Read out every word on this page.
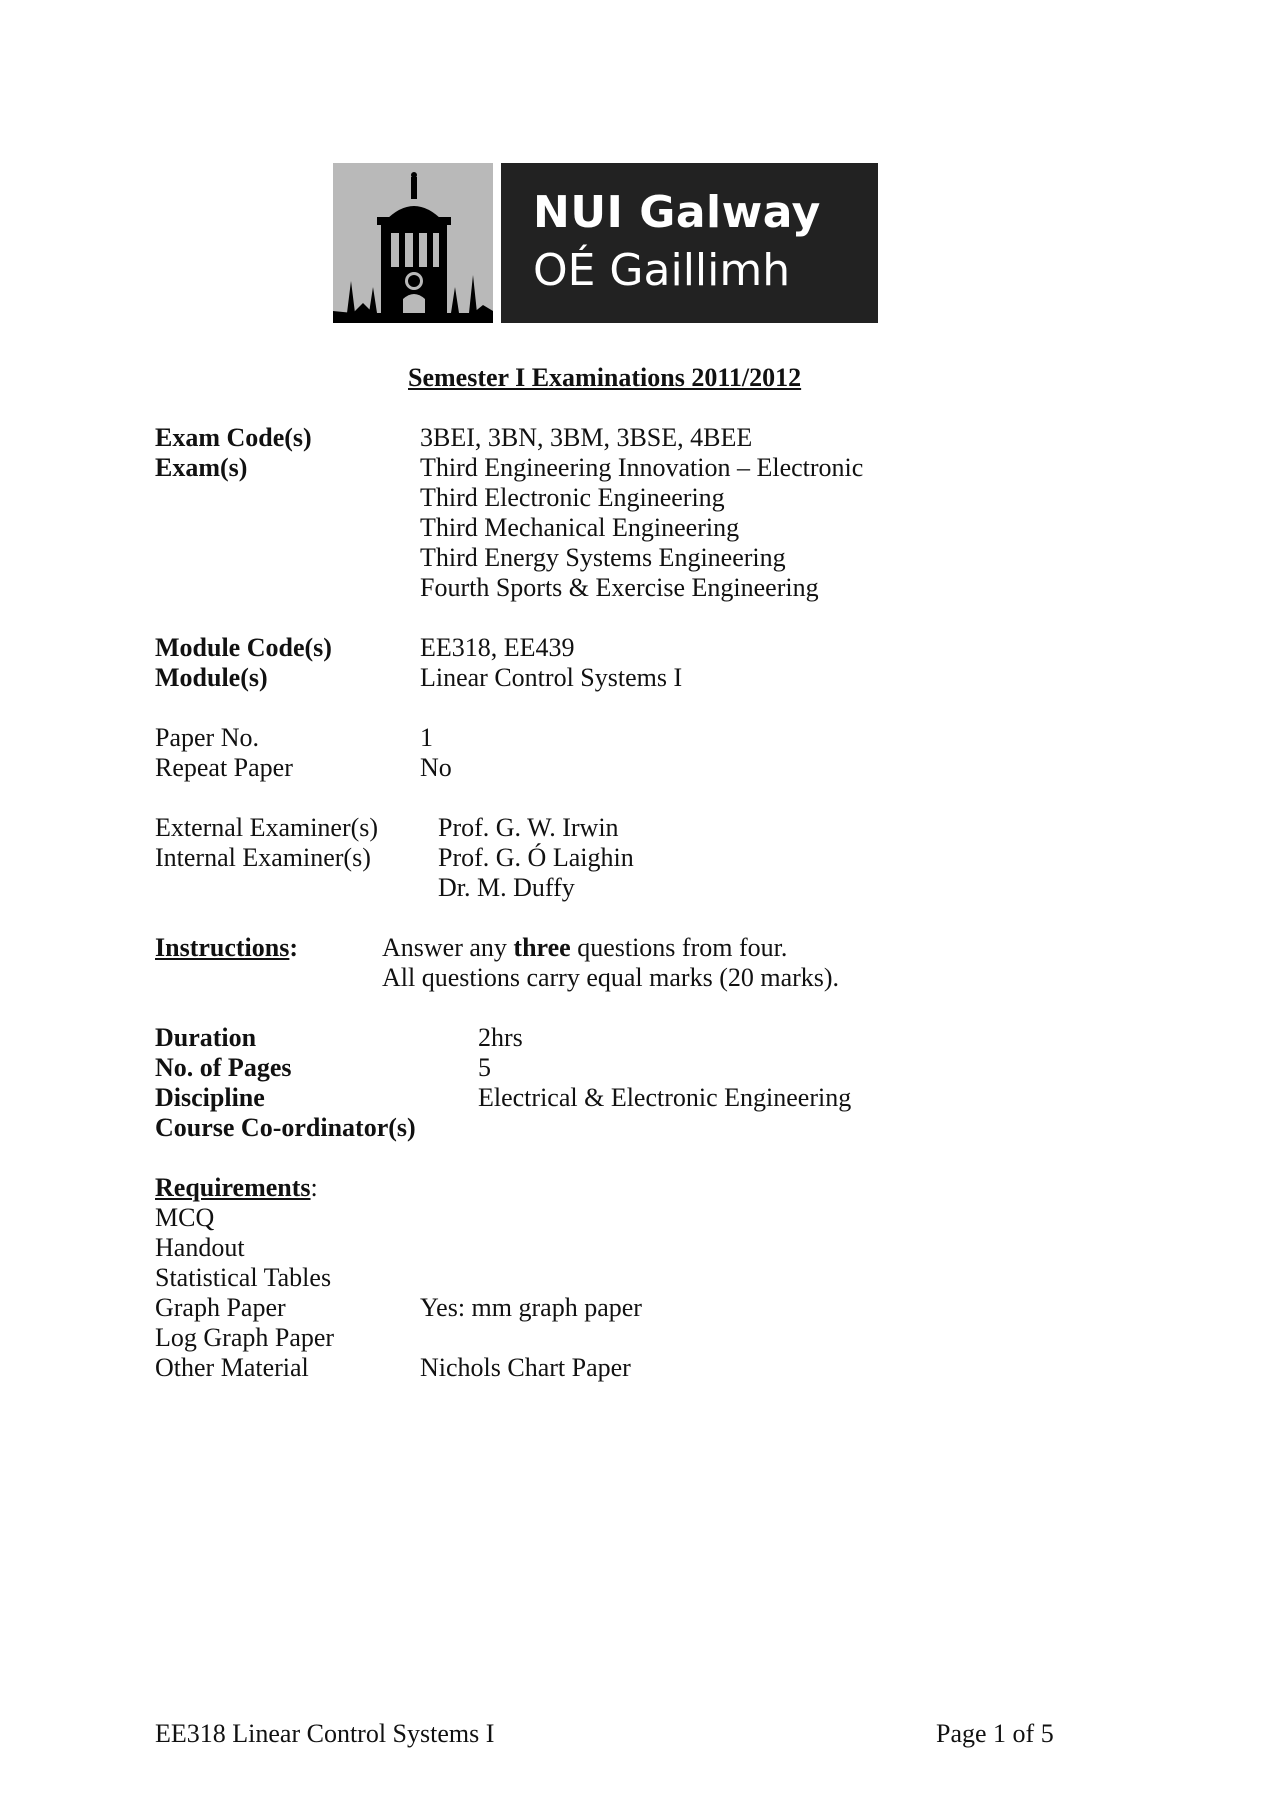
NUI Galway
OÉ Gaillimh
Semester I Examinations 2011/2012
Exam Code(s)	3BEI, 3BN, 3BM, 3BSE, 4BEE
Exam(s)	Third Engineering Innovation – Electronic
Third Electronic Engineering
Third Mechanical Engineering
Third Energy Systems Engineering
Fourth Sports & Exercise Engineering
Module Code(s)	EE318, EE439
Module(s)	Linear Control Systems I
Paper No.	1
Repeat Paper	No
External Examiner(s) Prof. G. W. Irwin
Internal Examiner(s)	Prof. G. Ó Laighin
Dr. M. Duffy
Instructions:	Answer any three questions from four.
All questions carry equal marks (20 marks).
Duration	2hrs
No. of Pages	5
Discipline	Electrical & Electronic Engineering
Course Co-ordinator(s)
Requirements:
MCQ
Handout
Statistical Tables
Graph Paper	Yes: mm graph paper
Log Graph Paper
Other Material	Nichols Chart Paper
EE318 Linear Control Systems I	Page 1 of 5
